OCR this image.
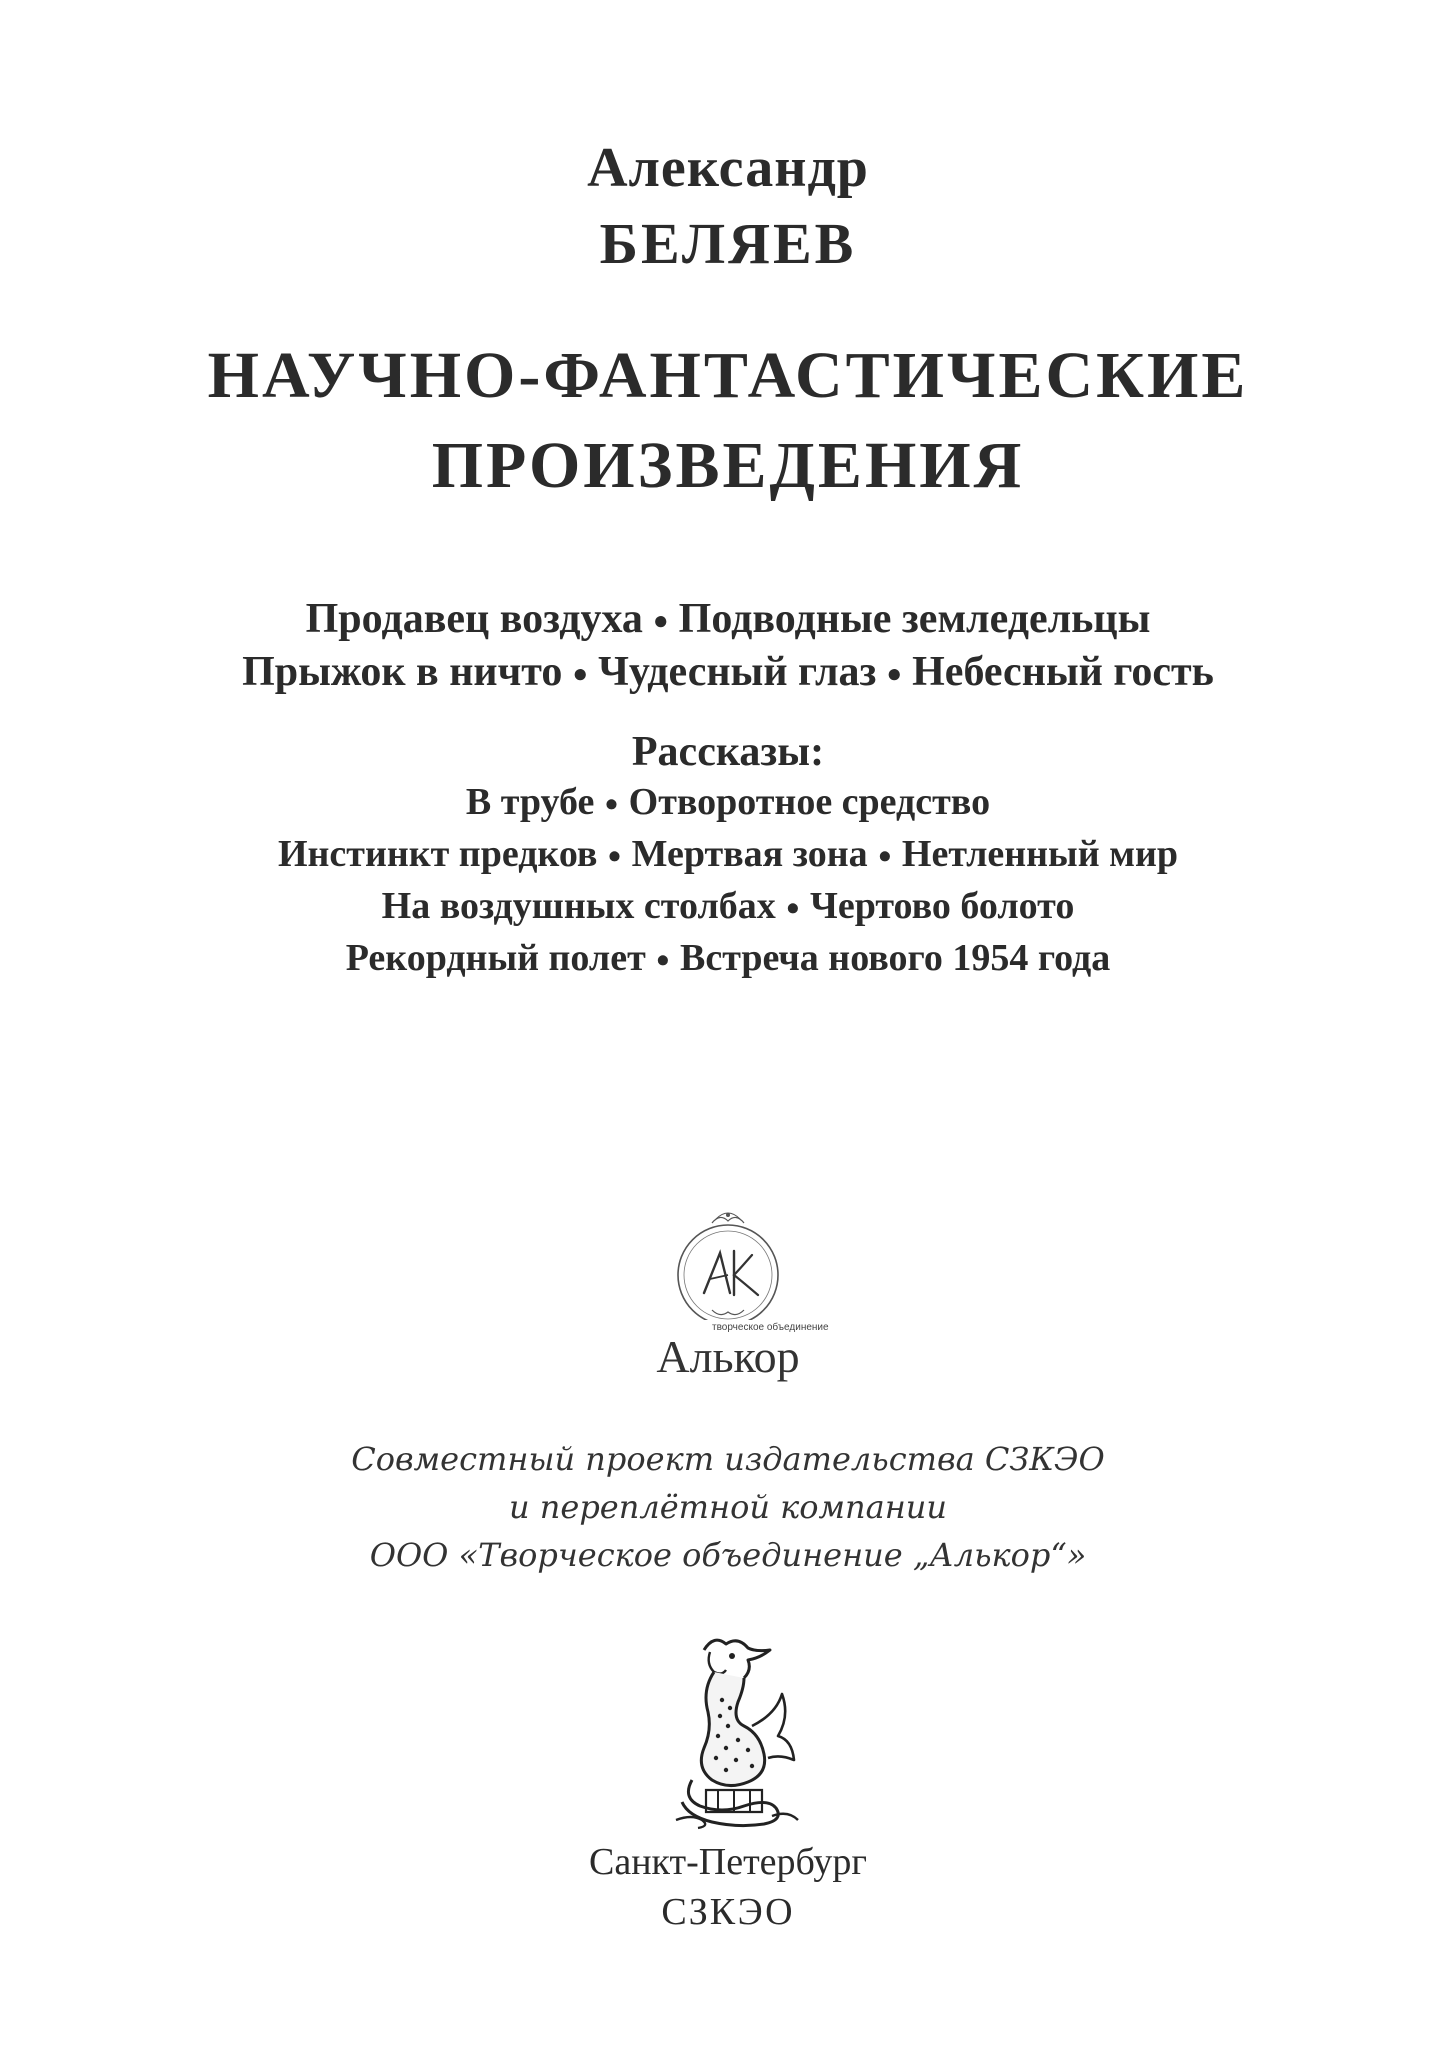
Александр
БЕЛЯЕВ
НАУЧНО-ФАНТАСТИЧЕСКИЕ
ПРОИЗВЕДЕНИЯ
Продавец воздуха ● Подводные земледельцы
Прыжок в ничто ● Чудесный глаз ● Небесный гость
Рассказы:
В трубе ● Отворотное средство
Инстинкт предков ● Мертвая зона ● Нетленный мир
На воздушных столбах ● Чертово болото
Рекордный полет ● Встреча нового 1954 года
творческое объединение
Алькор
Совместный проект издательства СЗКЭО
и переплётной компании
ООО «Творческое объединение „Алькор“»
Санкт-Петербург
СЗКЭО
